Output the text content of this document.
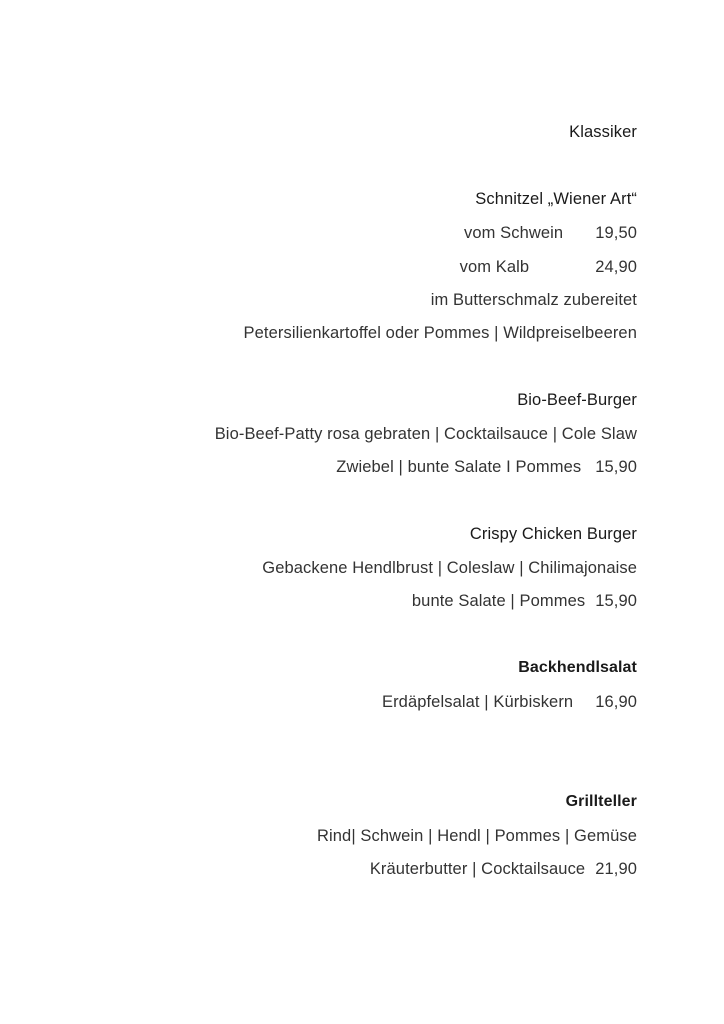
Klassiker
Schnitzel „Wiener Art“
vom Schwein 19,50
vom Kalb	24,90
im Butterschmalz zubereitet
Petersilienkartoffel oder Pommes | Wildpreiselbeeren
Bio-Beef-Burger
Bio-Beef-Patty rosa gebraten | Cocktailsauce | Cole Slaw
Zwiebel | bunte Salate I Pommes 15,90
Crispy Chicken Burger
Gebackene Hendlbrust | Coleslaw | Chilimajonaise
bunte Salate | Pommes 15,90
Backhendlsalat
Erdäpfelsalat | Kürbiskern 16,90
Grillteller
Rind| Schwein | Hendl | Pommes | Gemüse
Kräuterbutter | Cocktailsauce 21,90
